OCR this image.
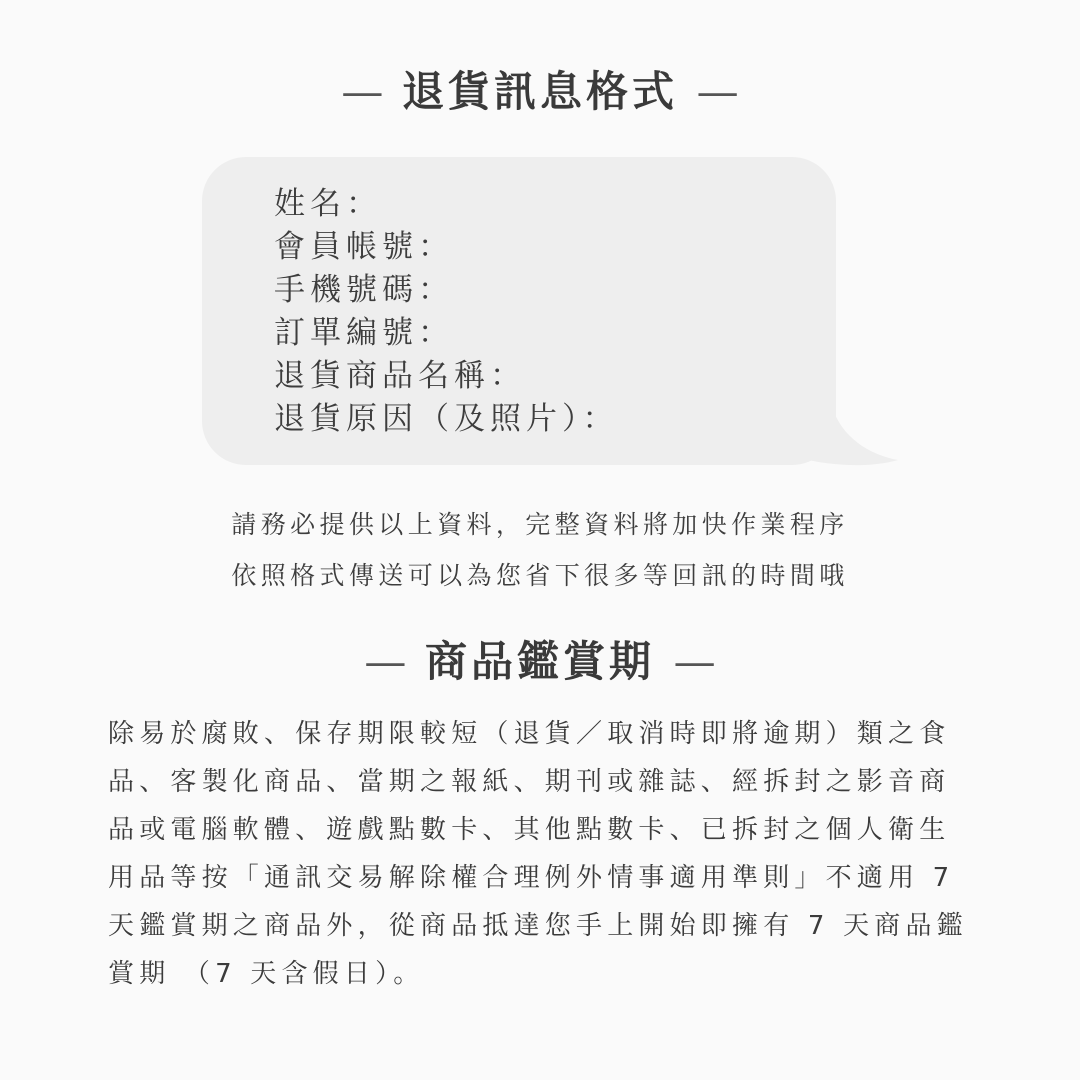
— 退貨訊息格式 —
姓名：
會員帳號：
手機號碼：
訂單編號：
退貨商品名稱：
退貨原因（及照片）：
請務必提供以上資料，完整資料將加快作業程序
依照格式傳送可以為您省下很多等回訊的時間哦
— 商品鑑賞期 —
除易於腐敗、保存期限較短（退貨／取消時即將逾期）類之食
品、客製化商品、當期之報紙、期刊或雜誌、經拆封之影音商
品或電腦軟體、遊戲點數卡、其他點數卡、已拆封之個人衛生
用品等按「通訊交易解除權合理例外情事適用準則」不適用 7
天鑑賞期之商品外，從商品抵達您手上開始即擁有 7 天商品鑑
賞期 （7 天含假日）。
